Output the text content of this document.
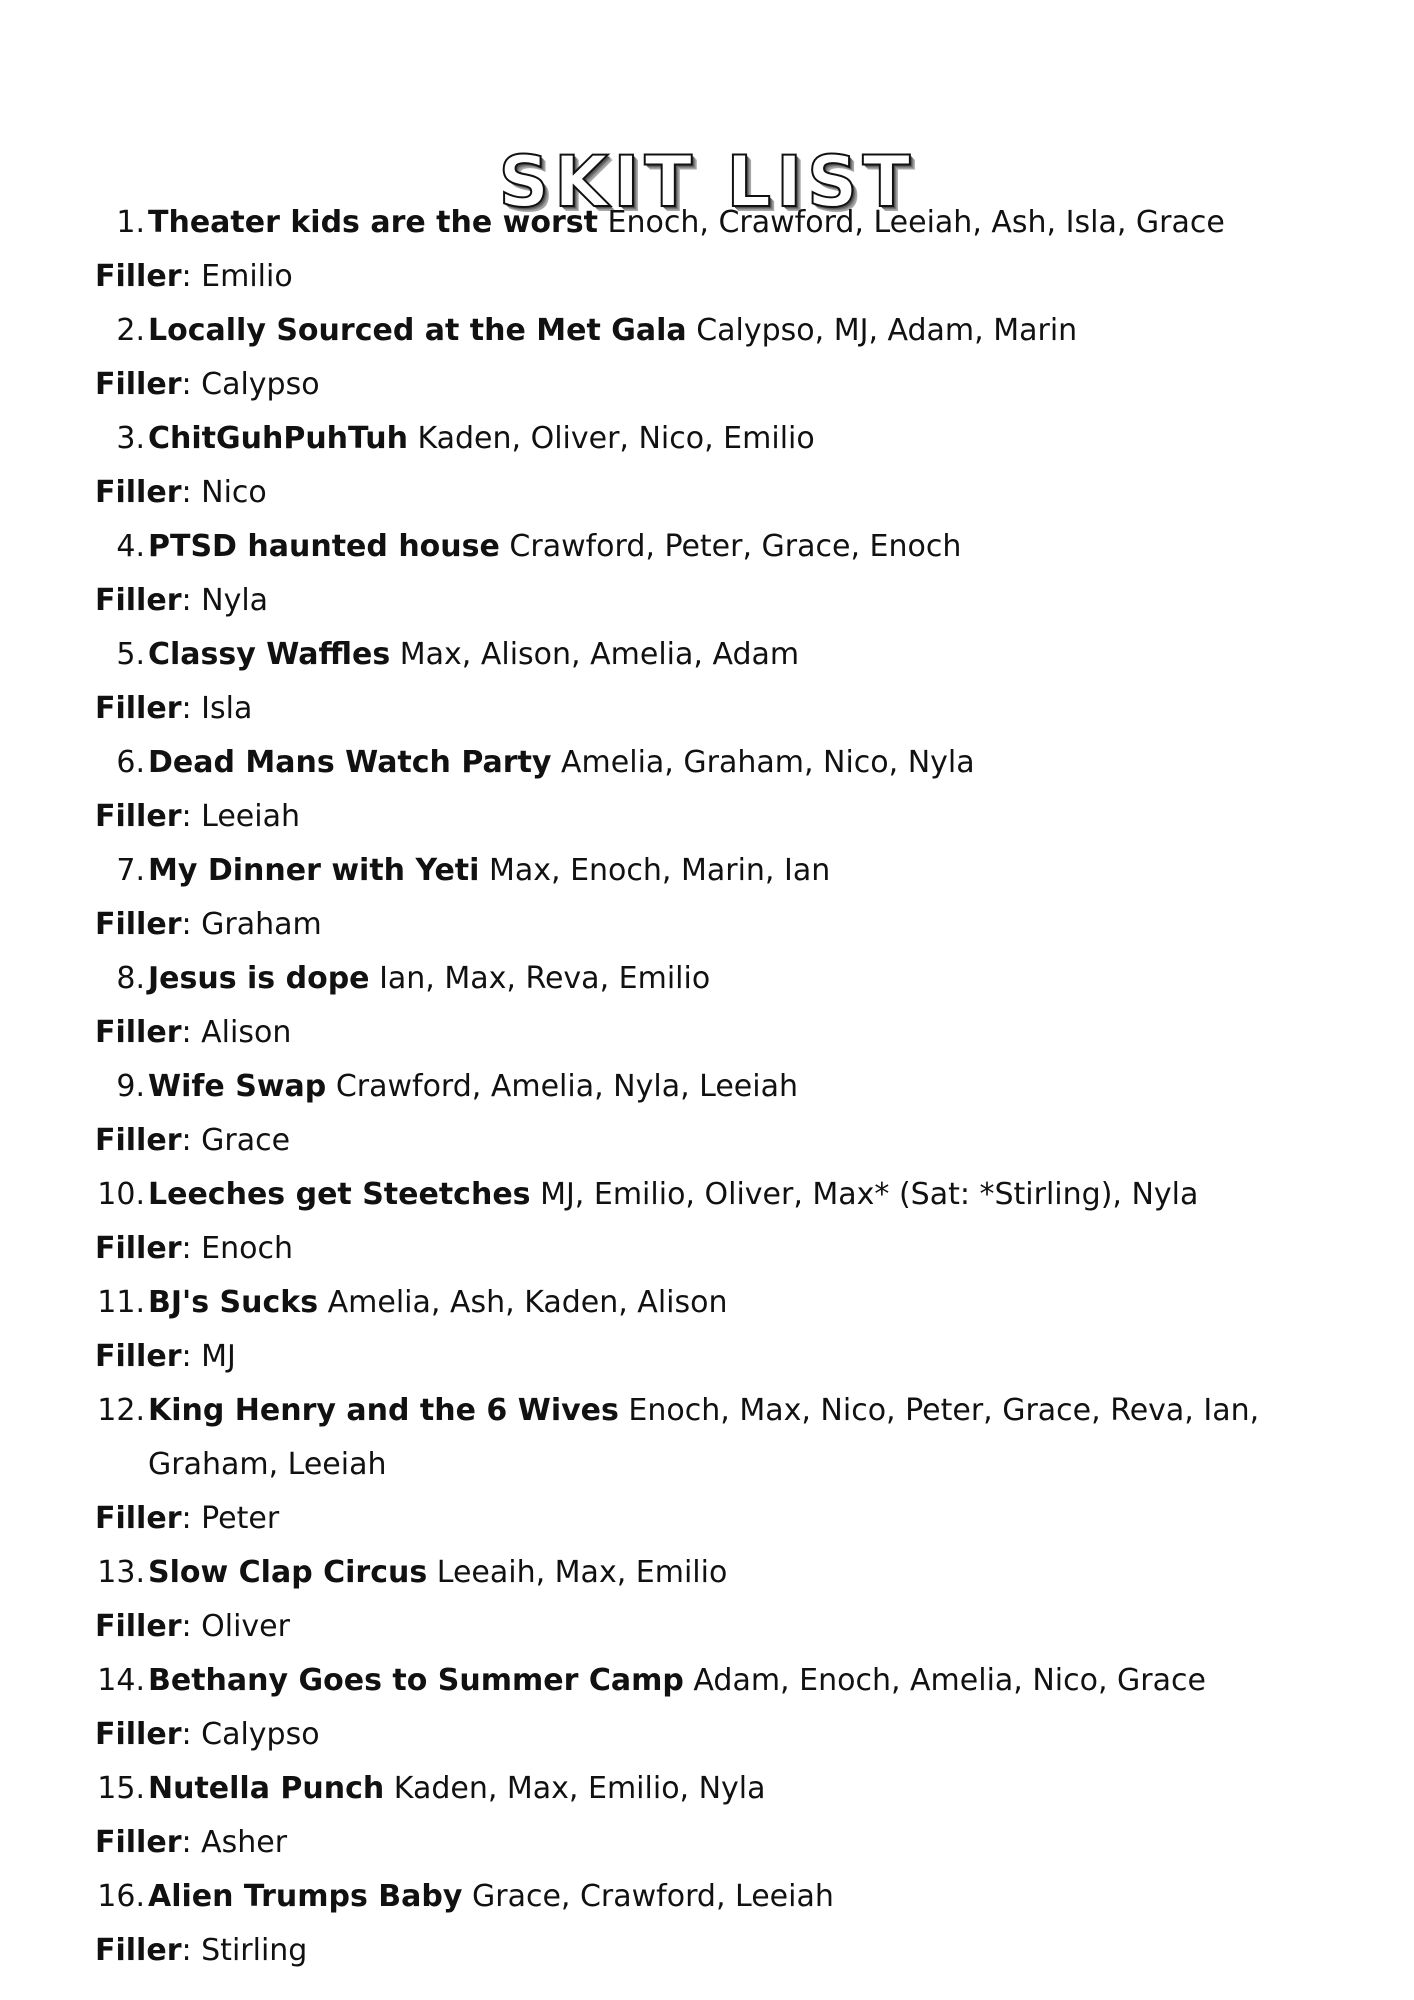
SKIT LIST
1. Theater kids are the worst Enoch, Crawford, Leeiah, Ash, Isla, Grace
Filler: Emilio
2. Locally Sourced at the Met Gala Calypso, MJ, Adam, Marin
Filler: Calypso
3. ChitGuhPuhTuh Kaden, Oliver, Nico, Emilio
Filler: Nico
4. PTSD haunted house Crawford, Peter, Grace, Enoch
Filler: Nyla
5. Classy Waffles Max, Alison, Amelia, Adam
Filler: Isla
6. Dead Mans Watch Party Amelia, Graham, Nico, Nyla
Filler: Leeiah
7. My Dinner with Yeti Max, Enoch, Marin, Ian
Filler: Graham
8. Jesus is dope Ian, Max, Reva, Emilio
Filler: Alison
9. Wife Swap Crawford, Amelia, Nyla, Leeiah
Filler: Grace
10. Leeches get Steetches MJ, Emilio, Oliver, Max* (Sat: *Stirling), Nyla
Filler: Enoch
11. BJ's Sucks Amelia, Ash, Kaden, Alison
Filler: MJ
12. King Henry and the 6 Wives Enoch, Max, Nico, Peter, Grace, Reva, Ian, Graham, Leeiah
Filler: Peter
13. Slow Clap Circus Leeaih, Max, Emilio
Filler: Oliver
14. Bethany Goes to Summer Camp Adam, Enoch, Amelia, Nico, Grace
Filler: Calypso
15. Nutella Punch Kaden, Max, Emilio, Nyla
Filler: Asher
16. Alien Trumps Baby Grace, Crawford, Leeiah
Filler: Stirling
